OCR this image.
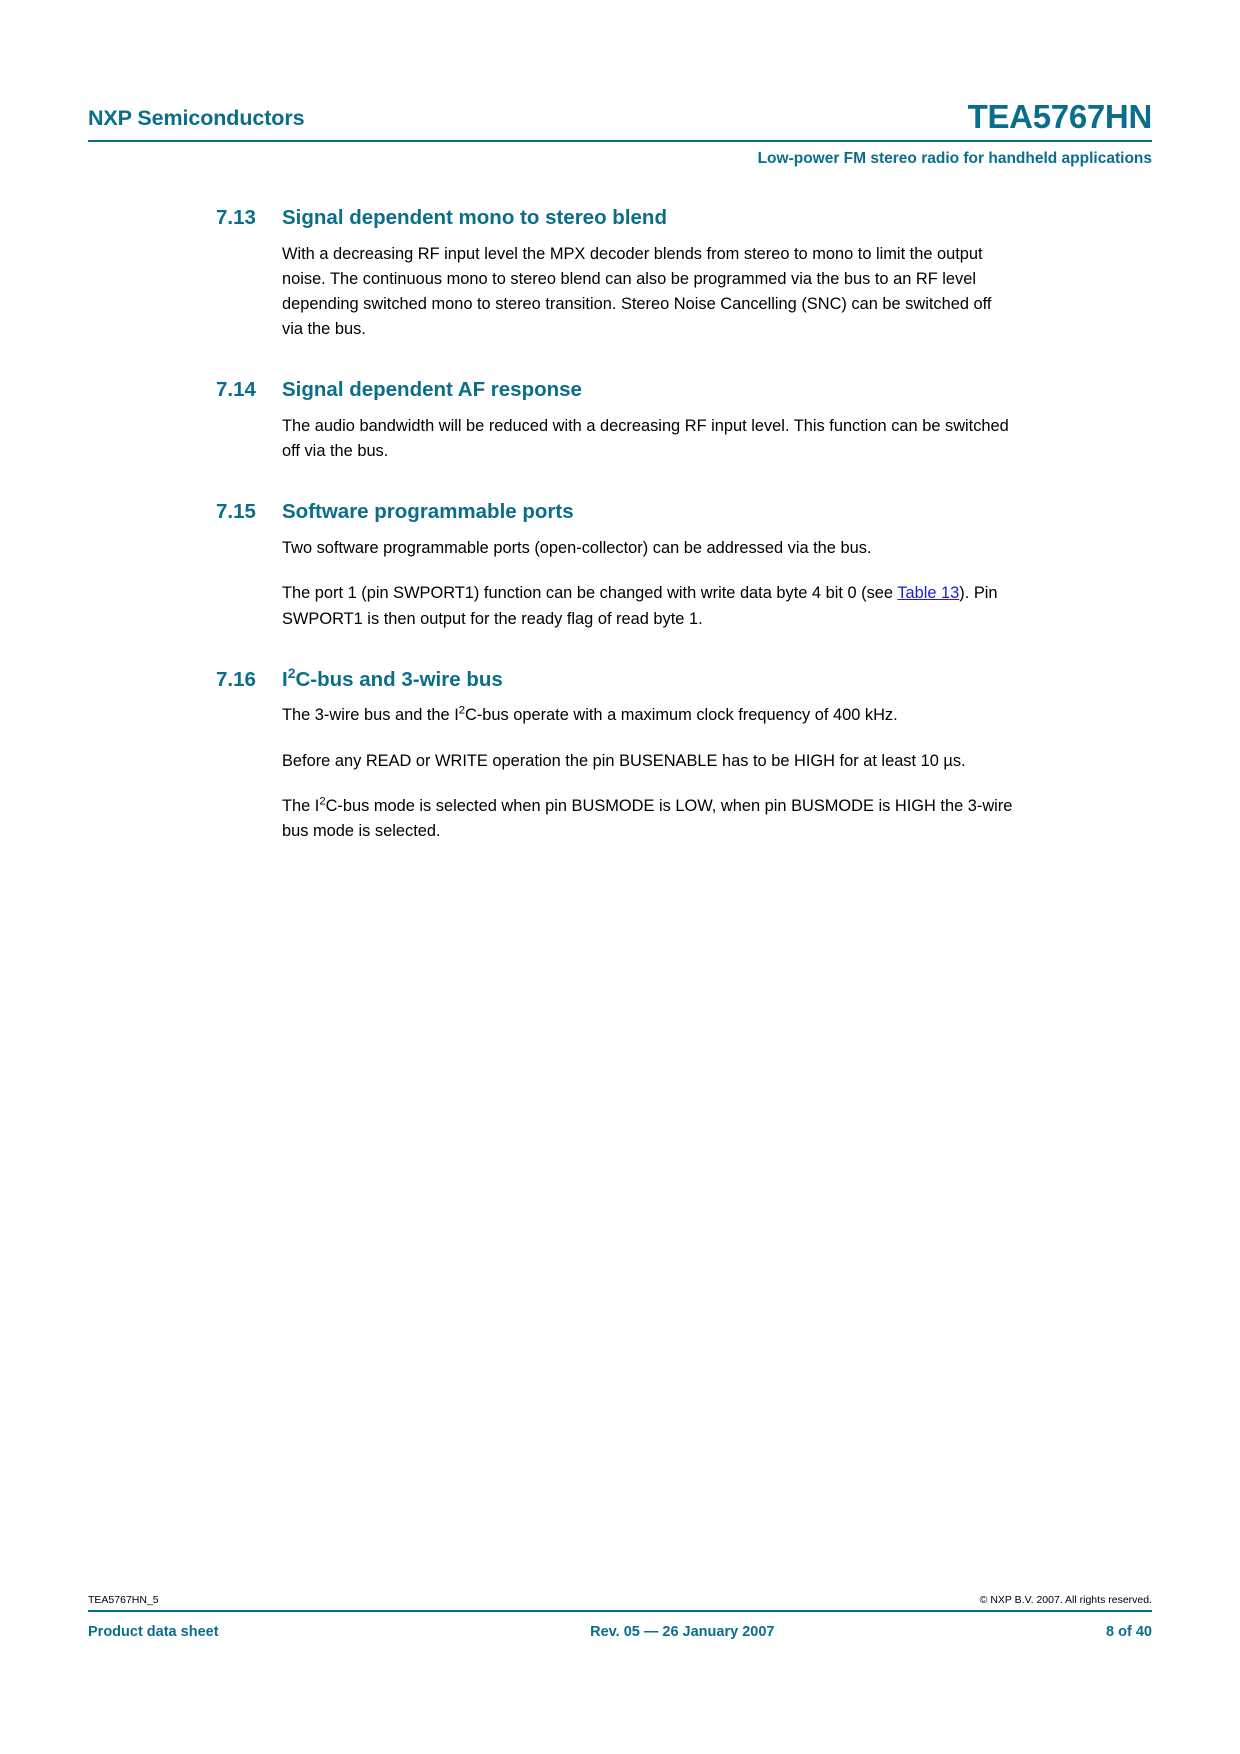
NXP Semiconductors	TEA5767HN
Low-power FM stereo radio for handheld applications
7.13	Signal dependent mono to stereo blend

With a decreasing RF input level the MPX decoder blends from stereo to mono to limit the output noise. The continuous mono to stereo blend can also be programmed via the bus to an RF level depending switched mono to stereo transition. Stereo Noise Cancelling (SNC) can be switched off via the bus.

7.14	Signal dependent AF response

The audio bandwidth will be reduced with a decreasing RF input level. This function can be switched off via the bus.

7.15	Software programmable ports

Two software programmable ports (open-collector) can be addressed via the bus.

The port 1 (pin SWPORT1) function can be changed with write data byte 4 bit 0 (see Table 13). Pin SWPORT1 is then output for the ready flag of read byte 1.

7.16	$I^2C$-bus and 3-wire bus

The 3-wire bus and the $I^2C$-bus operate with a maximum clock frequency of 400 kHz.

Before any READ or WRITE operation the pin BUSENABLE has to be HIGH for at least 10 µs.

The $I^2C$-bus mode is selected when pin BUSMODE is LOW, when pin BUSMODE is HIGH the 3-wire bus mode is selected.

TEA5767HN_5	© NXP B.V. 2007. All rights reserved.
Product data sheet	Rev. 05 — 26 January 2007	8 of 40
